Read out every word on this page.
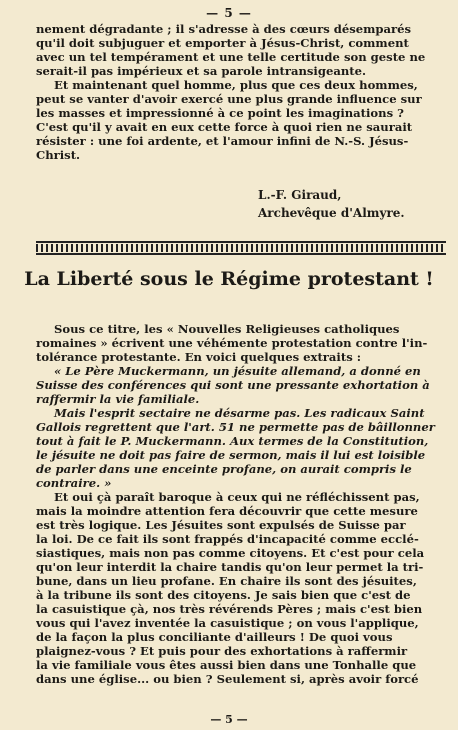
— 5 —
nement dégradante ; il s'adresse à des cœurs désemparés
qu'il doit subjuguer et emporter à Jésus-Christ, comment
avec un tel tempérament et une telle certitude son geste ne
serait-il pas impérieux et sa parole intransigeante.
Et maintenant quel homme, plus que ces deux hommes,
peut se vanter d'avoir exercé une plus grande influence sur
les masses et impressionné à ce point les imaginations ?
C'est qu'il y avait en eux cette force à quoi rien ne saurait
résister : une foi ardente, et l'amour infini de N.-S. Jésus-
Christ.
L.-F. Giraud,
Archevêque d'Almyre.
La Liberté sous le Régime protestant !
Sous ce titre, les « Nouvelles Religieuses catholiques
romaines » écrivent une véhémente protestation contre l'in-
tolérance protestante. En voici quelques extraits :
« Le Père Muckermann, un jésuite allemand, a donné en
Suisse des conférences qui sont une pressante exhortation à
raffermir la vie familiale.
Mais l'esprit sectaire ne désarme pas. Les radicaux Saint
Gallois regrettent que l'art. 51 ne permette pas de bâillonner
tout à fait le P. Muckermann. Aux termes de la Constitution,
le jésuite ne doit pas faire de sermon, mais il lui est loisible
de parler dans une enceinte profane, on aurait compris le
contraire. »
Et oui çà paraît baroque à ceux qui ne réfléchissent pas,
mais la moindre attention fera découvrir que cette mesure
est très logique. Les Jésuites sont expulsés de Suisse par
la loi. De ce fait ils sont frappés d'incapacité comme ecclé-
siastiques, mais non pas comme citoyens. Et c'est pour cela
qu'on leur interdit la chaire tandis qu'on leur permet la tri-
bune, dans un lieu profane. En chaire ils sont des jésuites,
à la tribune ils sont des citoyens. Je sais bien que c'est de
la casuistique çà, nos très révérends Pères ; mais c'est bien
vous qui l'avez inventée la casuistique ; on vous l'applique,
de la façon la plus conciliante d'ailleurs ! De quoi vous
plaignez-vous ? Et puis pour des exhortations à raffermir
la vie familiale vous êtes aussi bien dans une Tonhalle que
dans une église... ou bien ? Seulement si, après avoir forcé
— 5 —
